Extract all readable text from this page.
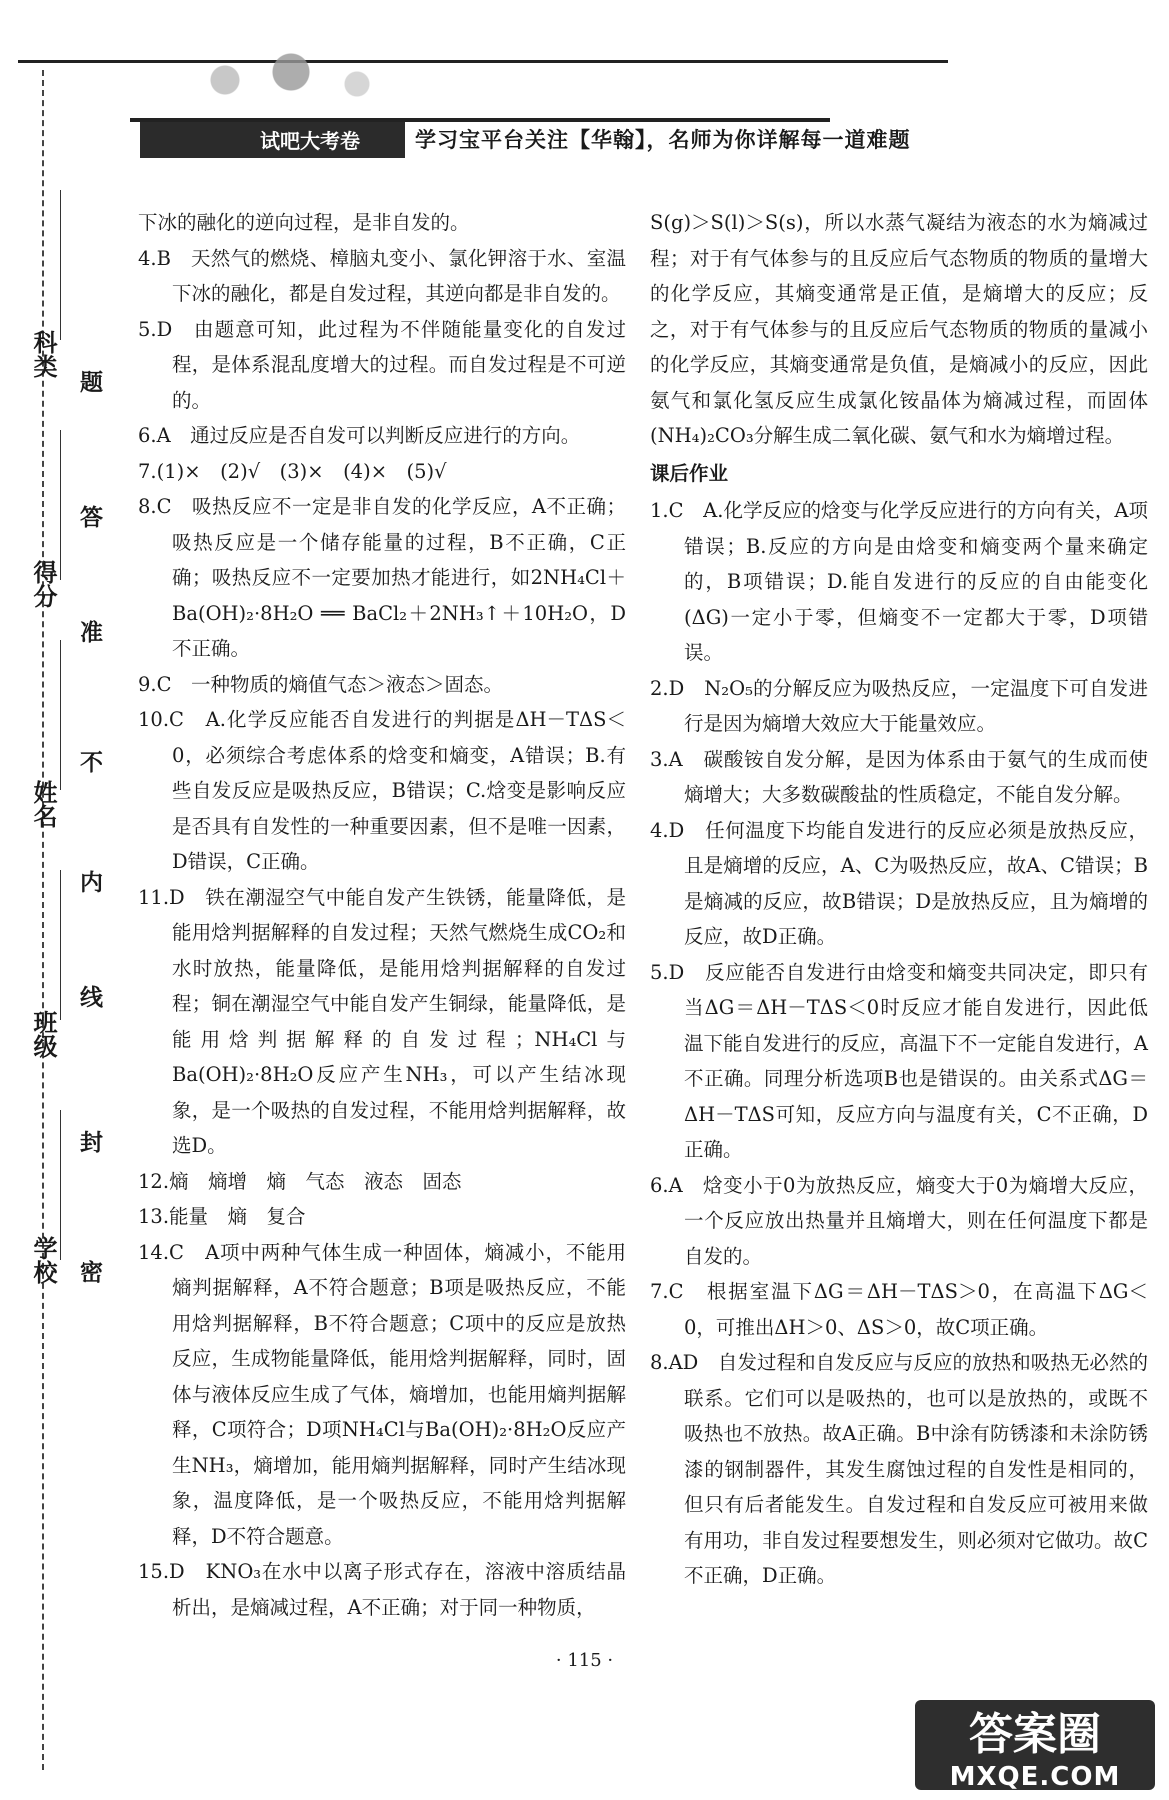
试吧大考卷	学习宝平台关注【华翰】，名师为你详解每一道难题
学校
班级
姓名
得分
科类
密
封
线
内
不
准
答
题

下冰的融化的逆向过程，是非自发的。

4.B　天然气的燃烧、樟脑丸变小、氯化钾溶于水、室温下冰的融化，都是自发过程，其逆向都是非自发的。

5.D　由题意可知，此过程为不伴随能量变化的自发过程，是体系混乱度增大的过程。而自发过程是不可逆的。

6.A　通过反应是否自发可以判断反应进行的方向。

7.(1)×　(2)√　(3)×　(4)×　(5)√

8.C　吸热反应不一定是非自发的化学反应，A不正确；吸热反应是一个储存能量的过程，B不正确，C正确；吸热反应不一定要加热才能进行，如2NH₄Cl＋Ba(OH)₂·8H₂O ══ BaCl₂＋2NH₃↑＋10H₂O，D不正确。

9.C　一种物质的熵值气态＞液态＞固态。

10.C　A.化学反应能否自发进行的判据是ΔH－TΔS＜0，必须综合考虑体系的焓变和熵变，A错误；B.有些自发反应是吸热反应，B错误；C.焓变是影响反应是否具有自发性的一种重要因素，但不是唯一因素，D错误，C正确。

11.D　铁在潮湿空气中能自发产生铁锈，能量降低，是能用焓判据解释的自发过程；天然气燃烧生成CO₂和水时放热，能量降低，是能用焓判据解释的自发过程；铜在潮湿空气中能自发产生铜绿，能量降低，是能用焓判据解释的自发过程；NH₄Cl与Ba(OH)₂·8H₂O反应产生NH₃，可以产生结冰现象，是一个吸热的自发过程，不能用焓判据解释，故选D。

12.熵　熵增　熵　气态　液态　固态

13.能量　熵　复合

14.C　A项中两种气体生成一种固体，熵减小，不能用熵判据解释，A不符合题意；B项是吸热反应，不能用焓判据解释，B不符合题意；C项中的反应是放热反应，生成物能量降低，能用焓判据解释，同时，固体与液体反应生成了气体，熵增加，也能用熵判据解释，C项符合；D项NH₄Cl与Ba(OH)₂·8H₂O反应产生NH₃，熵增加，能用熵判据解释，同时产生结冰现象，温度降低，是一个吸热反应，不能用焓判据解释，D不符合题意。

15.D　KNO₃在水中以离子形式存在，溶液中溶质结晶析出，是熵减过程，A不正确；对于同一种物质，

S(g)＞S(l)＞S(s)，所以水蒸气凝结为液态的水为熵减过程；对于有气体参与的且反应后气态物质的物质的量增大的化学反应，其熵变通常是正值，是熵增大的反应；反之，对于有气体参与的且反应后气态物质的物质的量减小的化学反应，其熵变通常是负值，是熵减小的反应，因此氨气和氯化氢反应生成氯化铵晶体为熵减过程，而固体(NH₄)₂CO₃分解生成二氧化碳、氨气和水为熵增过程。

课后作业

1.C　A.化学反应的焓变与化学反应进行的方向有关，A项错误；B.反应的方向是由焓变和熵变两个量来确定的，B项错误；D.能自发进行的反应的自由能变化(ΔG)一定小于零，但熵变不一定都大于零，D项错误。

2.D　N₂O₅的分解反应为吸热反应，一定温度下可自发进行是因为熵增大效应大于能量效应。

3.A　碳酸铵自发分解，是因为体系由于氨气的生成而使熵增大；大多数碳酸盐的性质稳定，不能自发分解。

4.D　任何温度下均能自发进行的反应必须是放热反应，且是熵增的反应，A、C为吸热反应，故A、C错误；B是熵减的反应，故B错误；D是放热反应，且为熵增的反应，故D正确。

5.D　反应能否自发进行由焓变和熵变共同决定，即只有当ΔG＝ΔH－TΔS＜0时反应才能自发进行，因此低温下能自发进行的反应，高温下不一定能自发进行，A不正确。同理分析选项B也是错误的。由关系式ΔG＝ΔH－TΔS可知，反应方向与温度有关，C不正确，D正确。

6.A　焓变小于0为放热反应，熵变大于0为熵增大反应，一个反应放出热量并且熵增大，则在任何温度下都是自发的。

7.C　根据室温下ΔG＝ΔH－TΔS＞0，在高温下ΔG＜0，可推出ΔH＞0、ΔS＞0，故C项正确。

8.AD　自发过程和自发反应与反应的放热和吸热无必然的联系。它们可以是吸热的，也可以是放热的，或既不吸热也不放热。故A正确。B中涂有防锈漆和未涂防锈漆的钢制器件，其发生腐蚀过程的自发性是相同的，但只有后者能发生。自发过程和自发反应可被用来做有用功，非自发过程要想发生，则必须对它做功。故C不正确，D正确。

· 115 ·
答案圈
MXQE.COM
